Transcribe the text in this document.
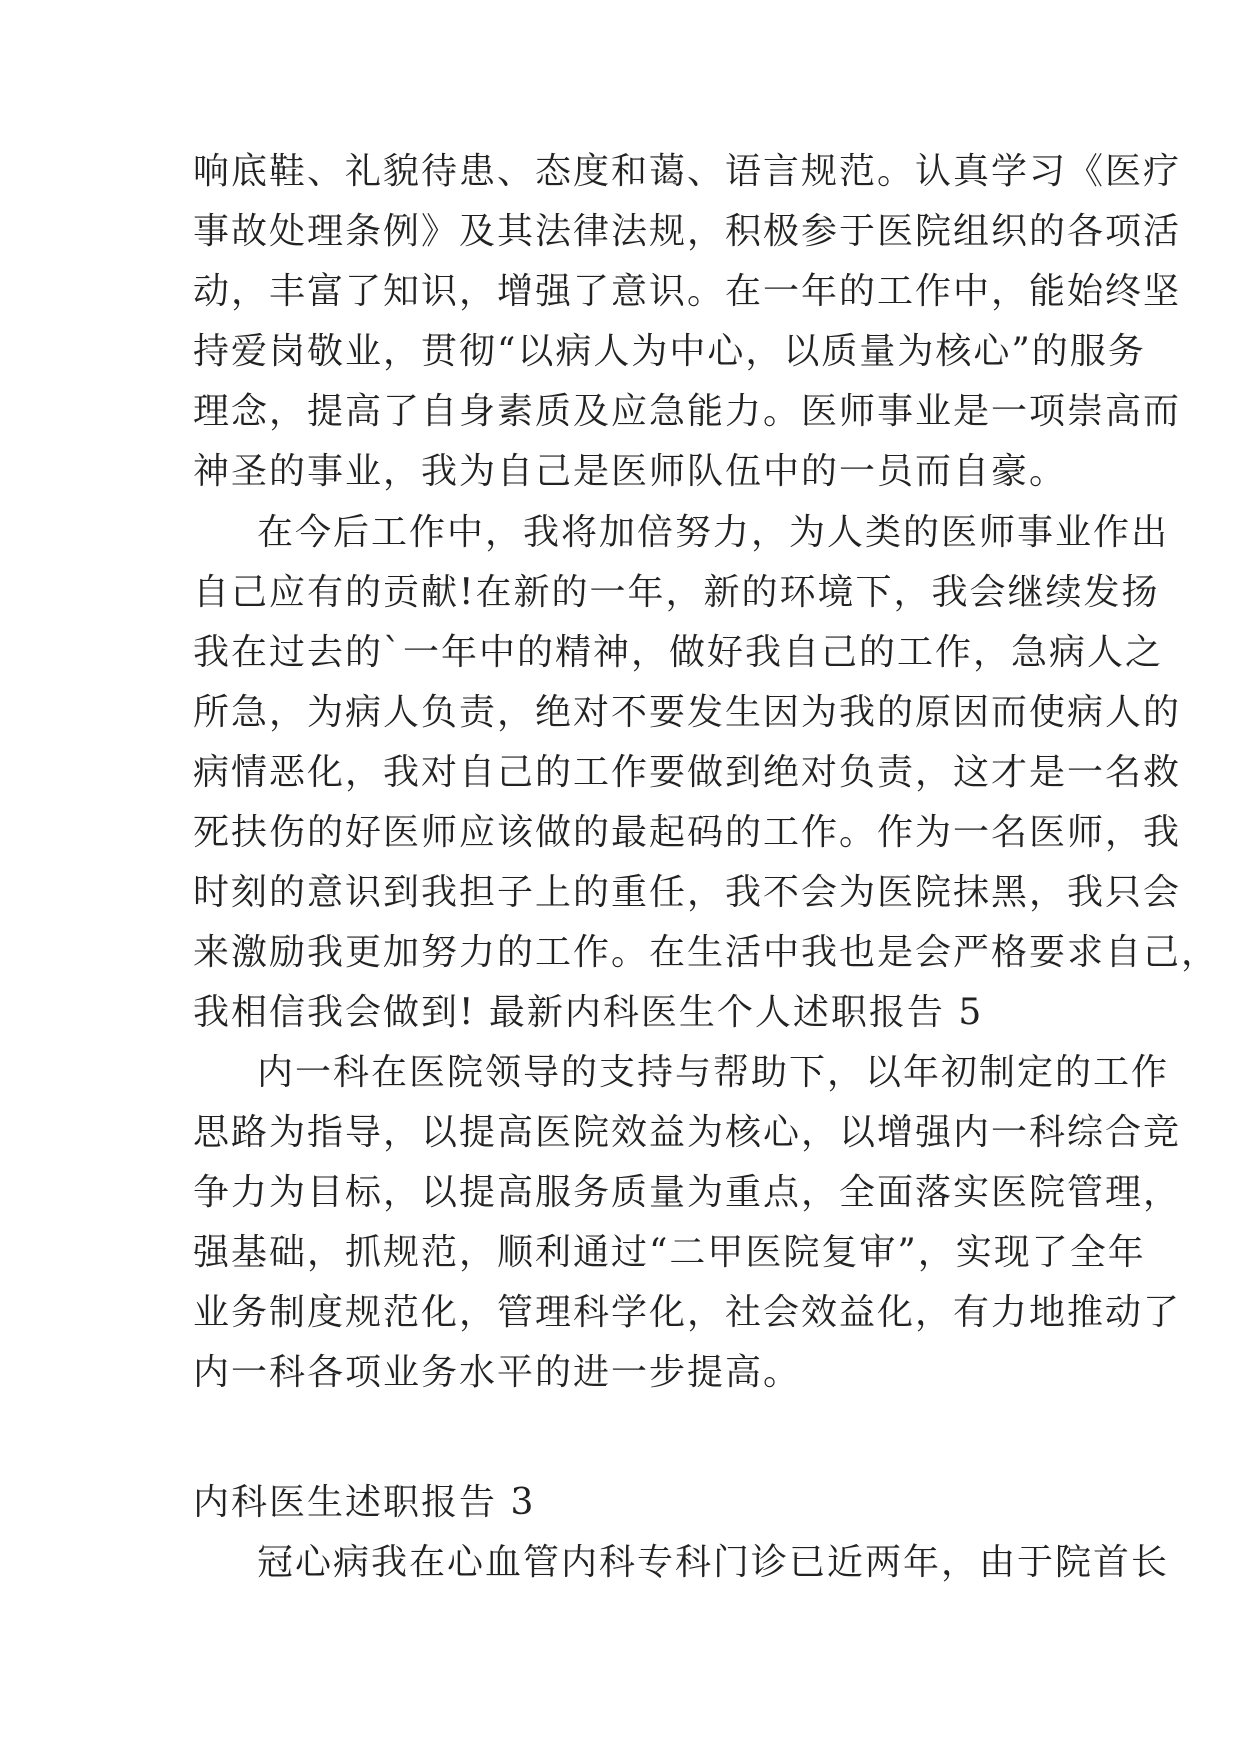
响底鞋、礼貌待患、态度和蔼、语言规范。认真学习《医疗
事故处理条例》及其法律法规，积极参于医院组织的各项活
动，丰富了知识，增强了意识。在一年的工作中，能始终坚
持爱岗敬业，贯彻“以病人为中心，以质量为核心”的服务
理念，提高了自身素质及应急能力。医师事业是一项崇高而
神圣的事业，我为自己是医师队伍中的一员而自豪。
在今后工作中，我将加倍努力，为人类的医师事业作出
自己应有的贡献!在新的一年，新的环境下，我会继续发扬
我在过去的`一年中的精神，做好我自己的工作，急病人之
所急，为病人负责，绝对不要发生因为我的原因而使病人的
病情恶化，我对自己的工作要做到绝对负责，这才是一名救
死扶伤的好医师应该做的最起码的工作。作为一名医师，我
时刻的意识到我担子上的重任，我不会为医院抹黑，我只会
来激励我更加努力的工作。在生活中我也是会严格要求自己，
我相信我会做到! 最新内科医生个人述职报告 5
内一科在医院领导的支持与帮助下，以年初制定的工作
思路为指导，以提高医院效益为核心，以增强内一科综合竞
争力为目标，以提高服务质量为重点，全面落实医院管理，
强基础，抓规范，顺利通过“二甲医院复审”，实现了全年
业务制度规范化，管理科学化，社会效益化，有力地推动了
内一科各项业务水平的进一步提高。
内科医生述职报告 3
冠心病我在心血管内科专科门诊已近两年，由于院首长
